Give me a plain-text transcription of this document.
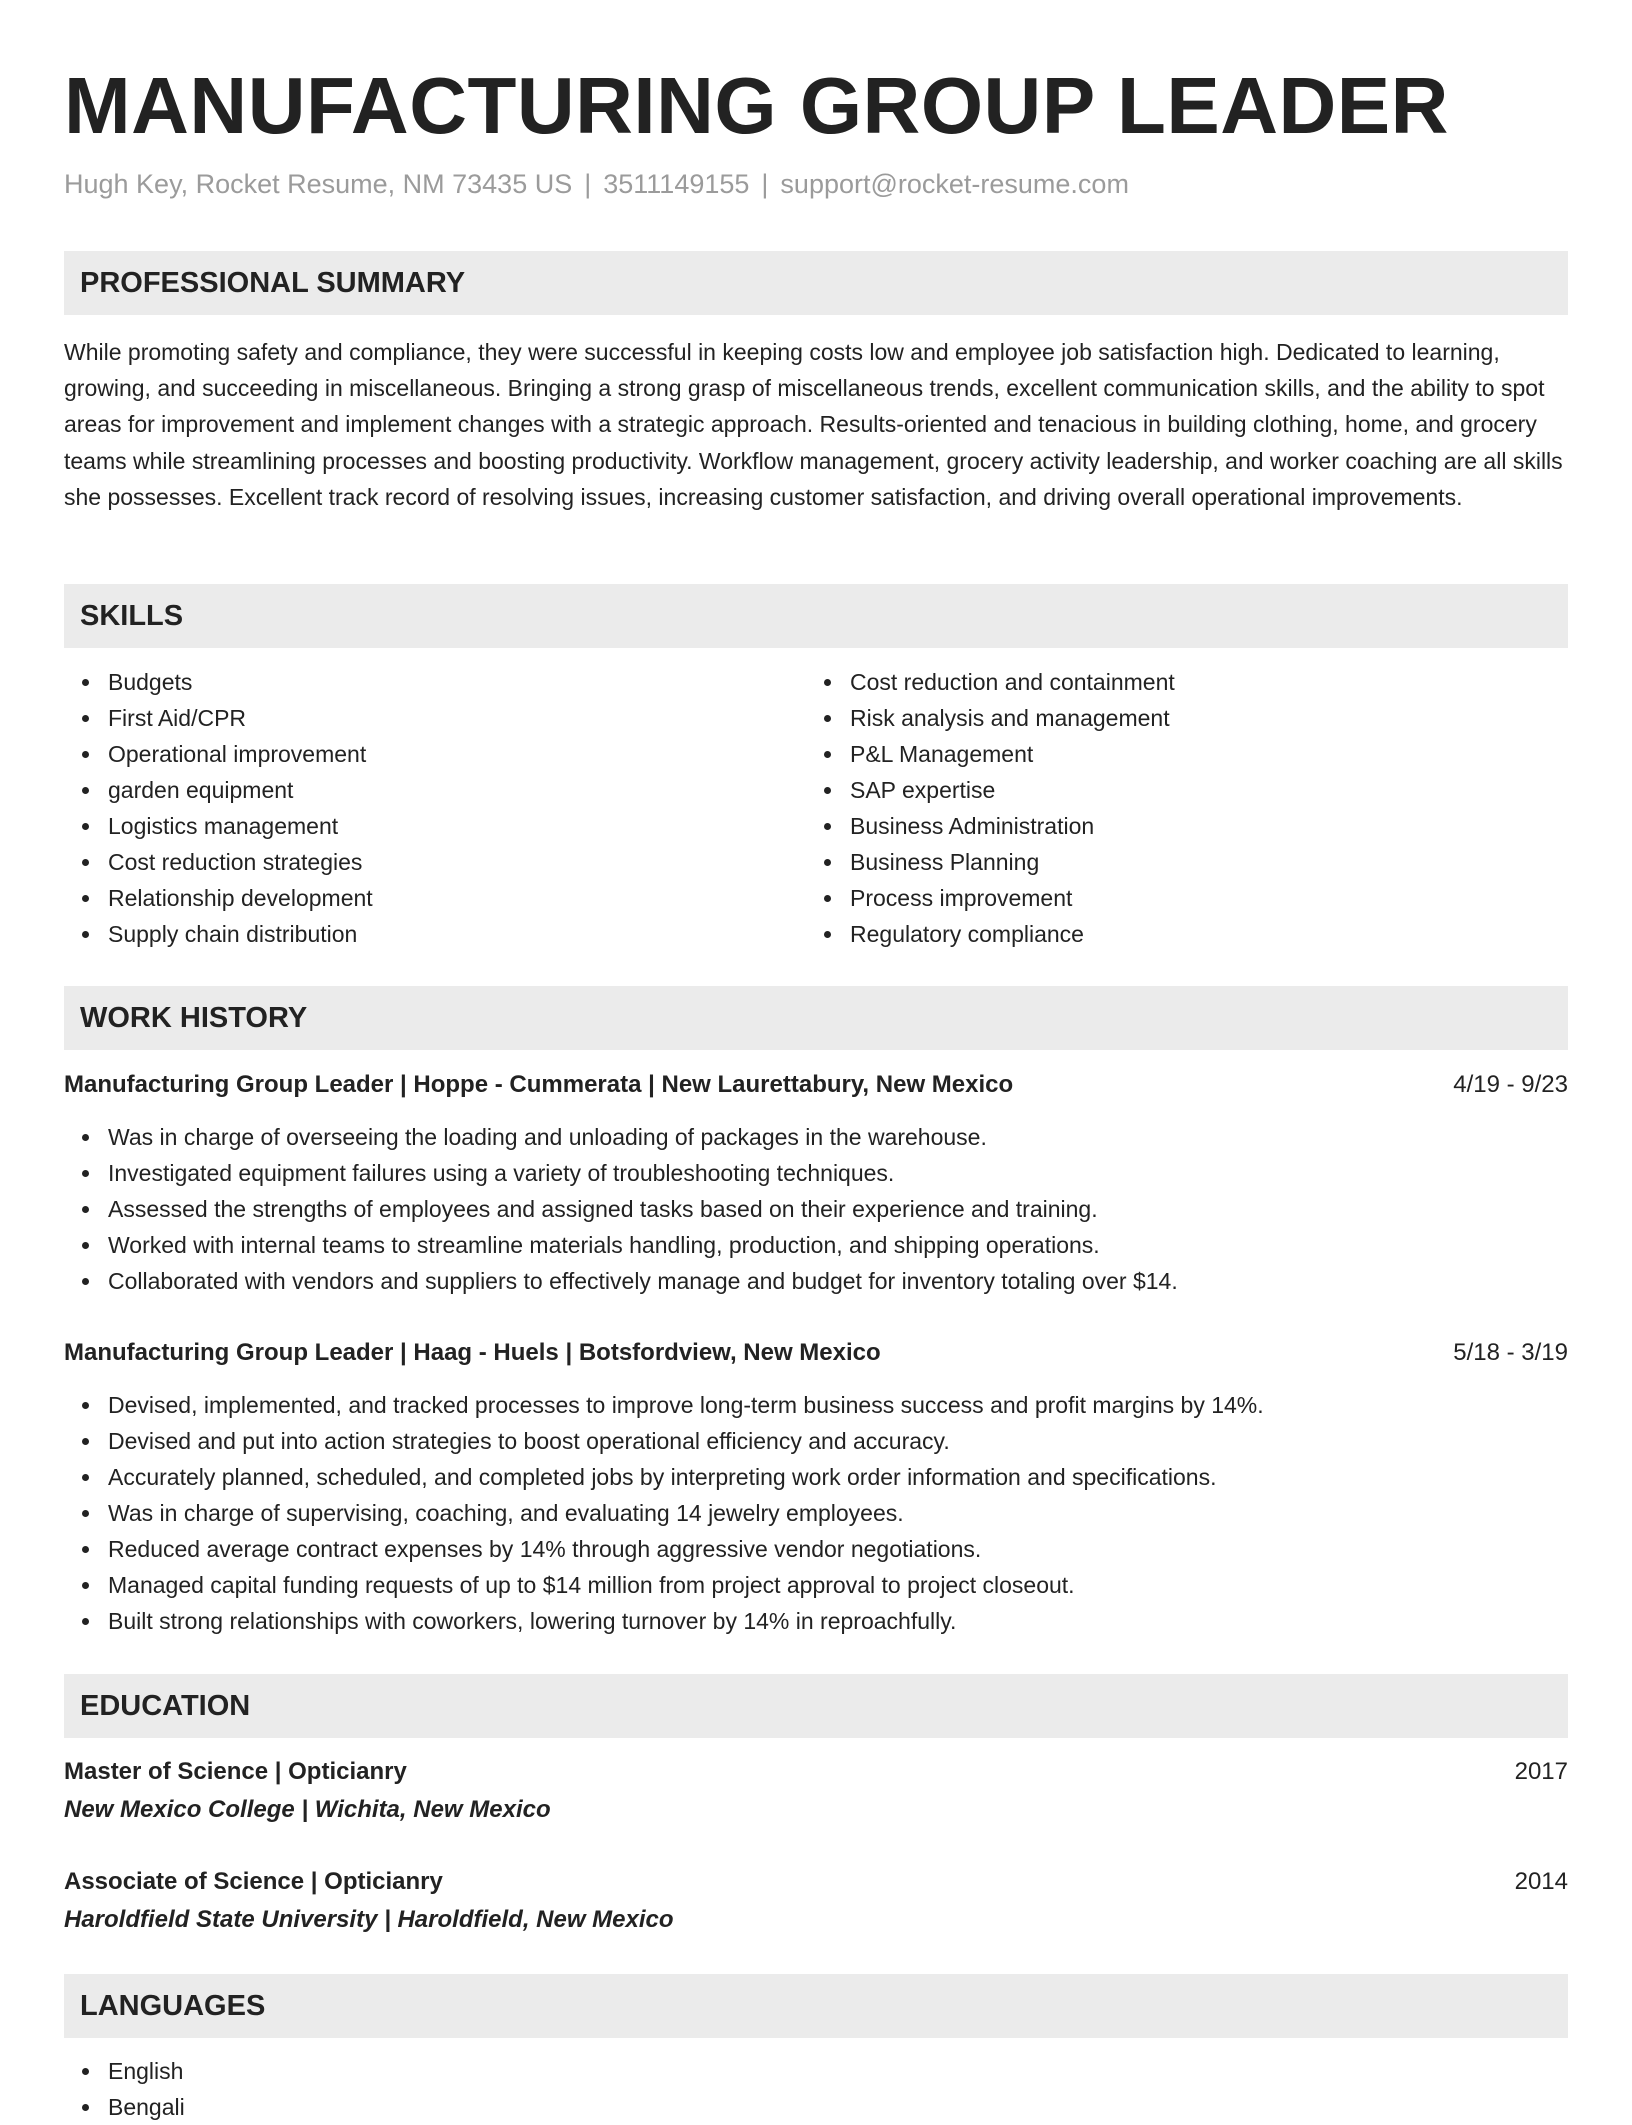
MANUFACTURING GROUP LEADER
Hugh Key, Rocket Resume, NM 73435 US | 3511149155 | support@rocket-resume.com
PROFESSIONAL SUMMARY

While promoting safety and compliance, they were successful in keeping costs low and employee job satisfaction high. Dedicated to learning, growing, and succeeding in miscellaneous. Bringing a strong grasp of miscellaneous trends, excellent communication skills, and the ability to spot areas for improvement and implement changes with a strategic approach. Results-oriented and tenacious in building clothing, home, and grocery teams while streamlining processes and boosting productivity. Workflow management, grocery activity leadership, and worker coaching are all skills she possesses. Excellent track record of resolving issues, increasing customer satisfaction, and driving overall operational improvements.

SKILLS
Budgets
First Aid/CPR
Operational improvement
garden equipment
Logistics management
Cost reduction strategies
Relationship development
Supply chain distribution
Cost reduction and containment
Risk analysis and management
P&L Management
SAP expertise
Business Administration
Business Planning
Process improvement
Regulatory compliance
WORK HISTORY
Manufacturing Group Leader | Hoppe - Cummerata | New Laurettabury, New Mexico	4/19 - 9/23
Was in charge of overseeing the loading and unloading of packages in the warehouse.
Investigated equipment failures using a variety of troubleshooting techniques.
Assessed the strengths of employees and assigned tasks based on their experience and training.
Worked with internal teams to streamline materials handling, production, and shipping operations.
Collaborated with vendors and suppliers to effectively manage and budget for inventory totaling over $14.
Manufacturing Group Leader | Haag - Huels | Botsfordview, New Mexico	5/18 - 3/19
Devised, implemented, and tracked processes to improve long-term business success and profit margins by 14%.
Devised and put into action strategies to boost operational efficiency and accuracy.
Accurately planned, scheduled, and completed jobs by interpreting work order information and specifications.
Was in charge of supervising, coaching, and evaluating 14 jewelry employees.
Reduced average contract expenses by 14% through aggressive vendor negotiations.
Managed capital funding requests of up to $14 million from project approval to project closeout.
Built strong relationships with coworkers, lowering turnover by 14% in reproachfully.
EDUCATION
Master of Science | Opticianry	2017
New Mexico College | Wichita, New Mexico
Associate of Science | Opticianry	2014
Haroldfield State University | Haroldfield, New Mexico
LANGUAGES
English
Bengali
